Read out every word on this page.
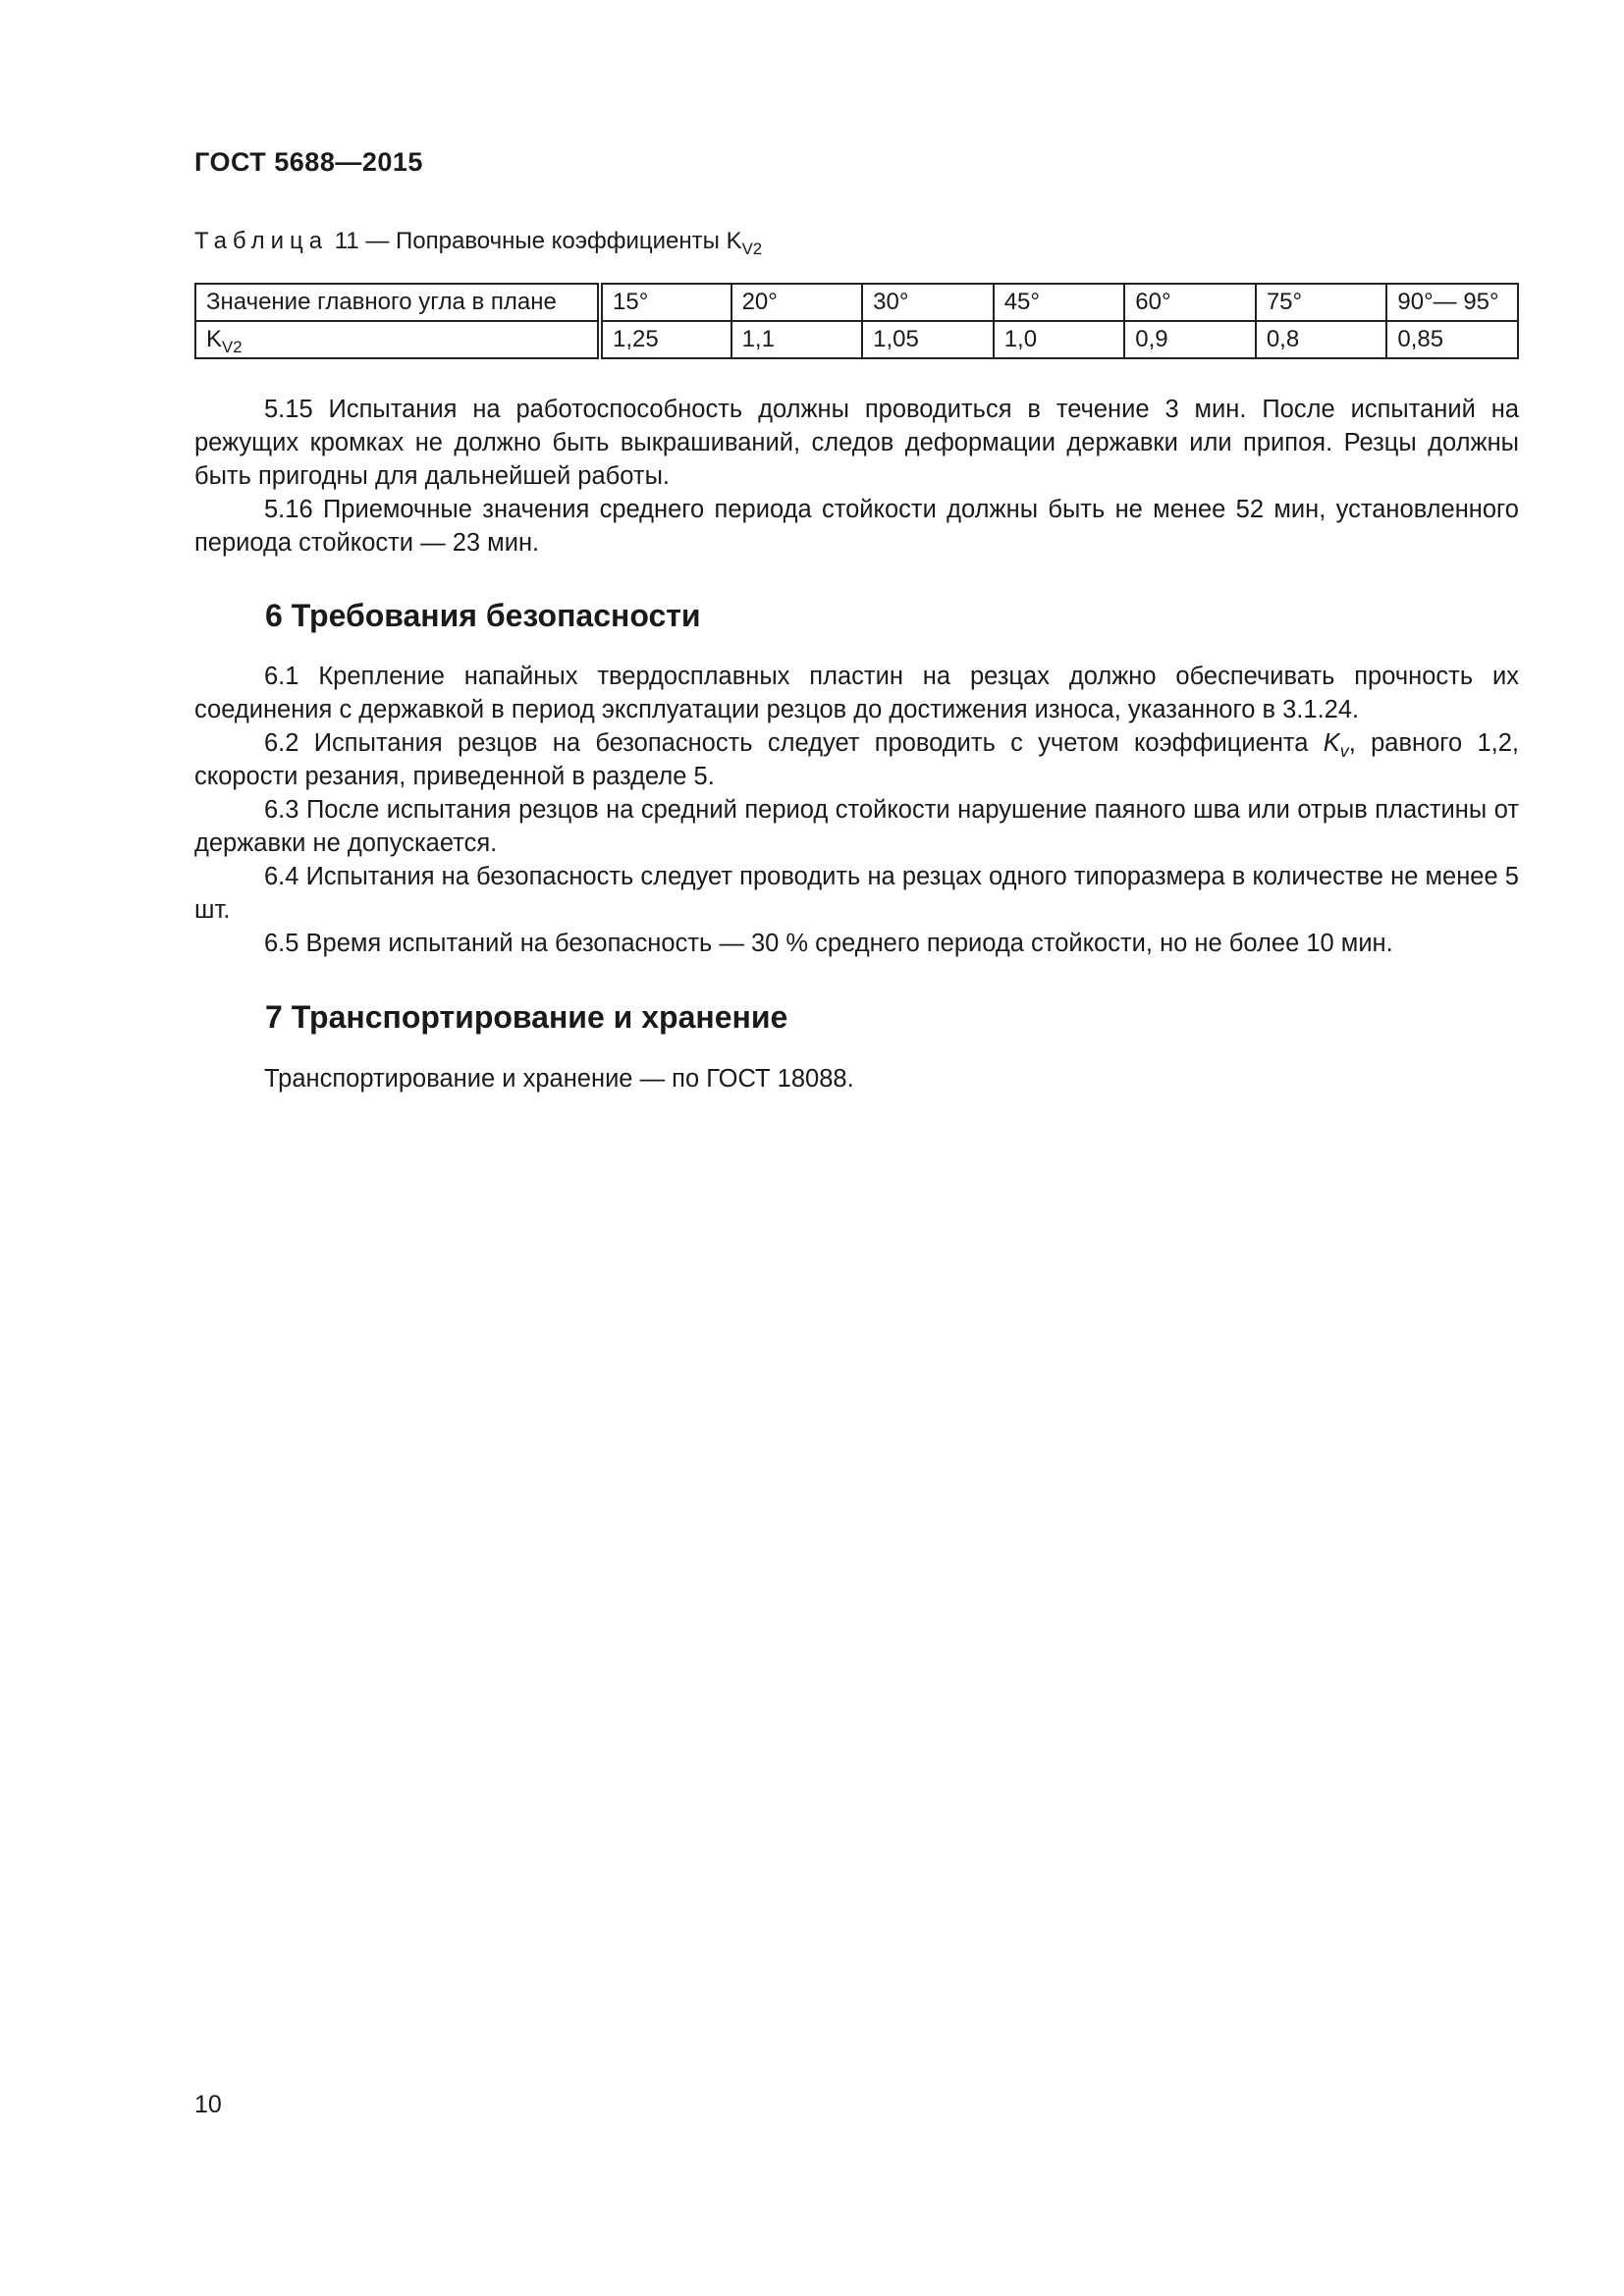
ГОСТ 5688—2015
Таблица 11 — Поправочные коэффициенты $K_{V2}$
Значение главного угла в плане	15°	20°	30°	45°	60°	75°	90°— 95°
$K_{V2}$	1,25	1,1	1,05	1,0	0,9	0,8	0,85

5.15 Испытания на работоспособность должны проводиться в течение 3 мин. После испытаний на режущих кромках не должно быть выкрашиваний, следов деформации державки или припоя. Резцы должны быть пригодны для дальнейшей работы.

5.16 Приемочные значения среднего периода стойкости должны быть не менее 52 мин, установленного периода стойкости — 23 мин.

6 Требования безопасности

6.1 Крепление напайных твердосплавных пластин на резцах должно обеспечивать прочность их соединения с державкой в период эксплуатации резцов до достижения износа, указанного в 3.1.24.

6.2 Испытания резцов на безопасность следует проводить с учетом коэффициента $K_v$, равного 1,2, скорости резания, приведенной в разделе 5.

6.3 После испытания резцов на средний период стойкости нарушение паяного шва или отрыв пластины от державки не допускается.

6.4 Испытания на безопасность следует проводить на резцах одного типоразмера в количестве не менее 5 шт.

6.5 Время испытаний на безопасность — 30 % среднего периода стойкости, но не более 10 мин.

7 Транспортирование и хранение

Транспортирование и хранение — по ГОСТ 18088.

10
